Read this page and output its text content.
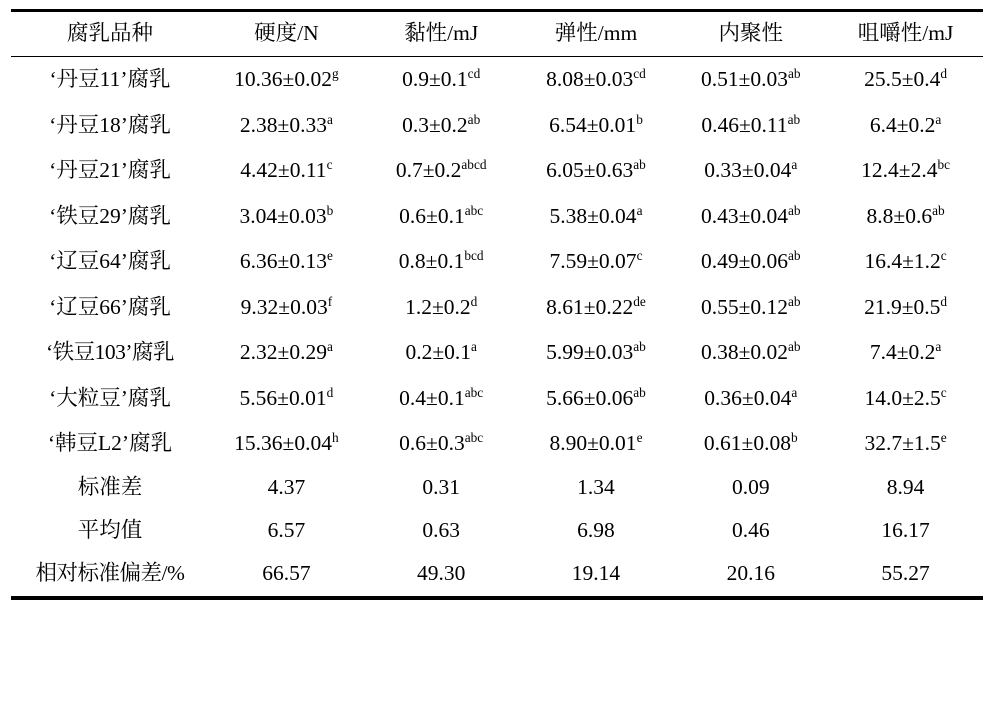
腐乳品种	硬度/N	黏性/mJ	弹性/mm	内聚性	咀嚼性/mJ
‘丹豆11’腐乳	10.36±0.02$^g$	0.9±0.1$^{cd}$	8.08±0.03$^{cd}$	0.51±0.03$^{ab}$	25.5±0.4$^d$
‘丹豆18’腐乳	2.38±0.33$^a$	0.3±0.2$^{ab}$	6.54±0.01$^b$	0.46±0.11$^{ab}$	6.4±0.2$^a$
‘丹豆21’腐乳	4.42±0.11$^c$	$0.7\pm 0.2^{abcd}$	6.05±0.63$^{ab}$	0.33±0.04$^a$	12.4±2.4$^{bc}$
‘铁豆29’腐乳	3.04±0.03$^b$	0.6±0.1$^{abc}$	5.38±0.04$^a$	0.43±0.04$^{ab}$	8.8±0.6$^{ab}$
‘辽豆64’腐乳	6.36±0.13$^e$	0.8±0.1$^{bcd}$	7.59±0.07$^c$	0.49±0.06$^{ab}$	16.4±1.2$^c$
‘辽豆66’腐乳	9.32±0.03$^f$	1.2±0.2$^d$	8.61±0.22de	0.55±0.12$^{ab}$	21.9±0.5$^d$
‘铁豆103’腐乳	2.32±0.29$^a$	0.2±0.1$^a$	5.99±0.03$^{ab}$	0.38±0.02$^{ab}$	7.4±0.2$^a$
‘大粒豆’腐乳	5.56±0.01$^d$	0.4±0.1$^{abc}$	5.66±0.06$^{ab}$	0.36±0.04$^a$	14.0±2.5$^c$
‘韩豆L2’腐乳	15.36±0.04$^h$	0.6±0.3$^{abc}$	8.90±0.01$^e$	0.61±0.08$^b$	32.7±1.5$^e$
标准差	4.37	0.31	1.34	0.09	8.94
平均值	6.57	0.63	6.98	0.46	16.17
相对标准偏差/%	66.57	49.30	19.14	20.16	55.27
